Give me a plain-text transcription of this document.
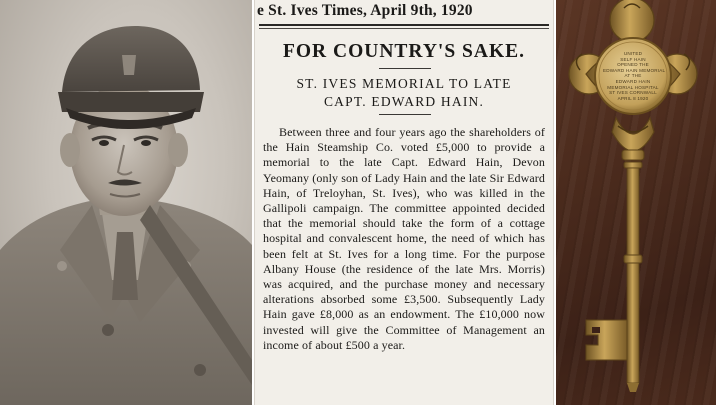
e St. Ives Times, April 9th, 1920
FOR COUNTRY'S SAKE.
ST. IVES MEMORIAL TO LATE
CAPT. EDWARD HAIN.
Between three and four years ago the shareholders of the Hain Steamship Co. voted £5,000 to provide a memorial to the late Capt. Edward Hain, Devon Yeomany (only son of Lady Hain and the late Sir Edward Hain, of Treloyhan, St. Ives), who was killed in the Gallipoli campaign. The committee appointed decided that the memorial should take the form of a cottage hospital and convalescent home, the need of which has been felt at St. Ives for a long time. For the purpose Albany House (the residence of the late Mrs. Morris) was acquired, and the purchase money and necessary alterations absorbed some £3,500. Subsequently Lady Hain gave £8,000 as an endowment. The £10,000 now invested will give the Committee of Management an income of about £500 a year.
UNITED
SELF HAIN
OPENED THE
EDWARD HAIN MEMORIAL
AT THE
EDWARD HAIN
MEMORIAL HOSPITAL
ST IVES CORNWALL
APRIL 8 1920
